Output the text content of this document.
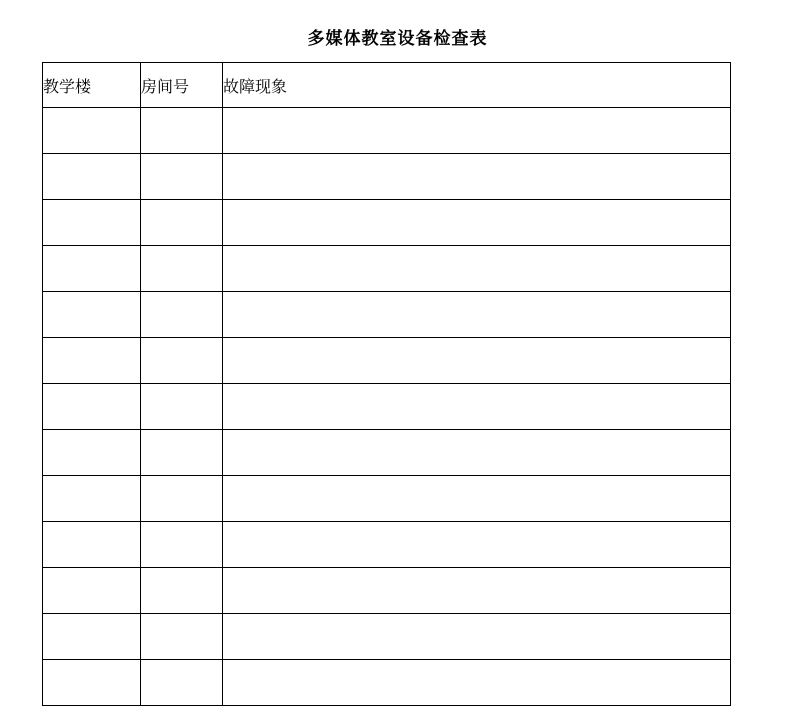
多媒体教室设备检查表
教学楼	房间号	故障现象
